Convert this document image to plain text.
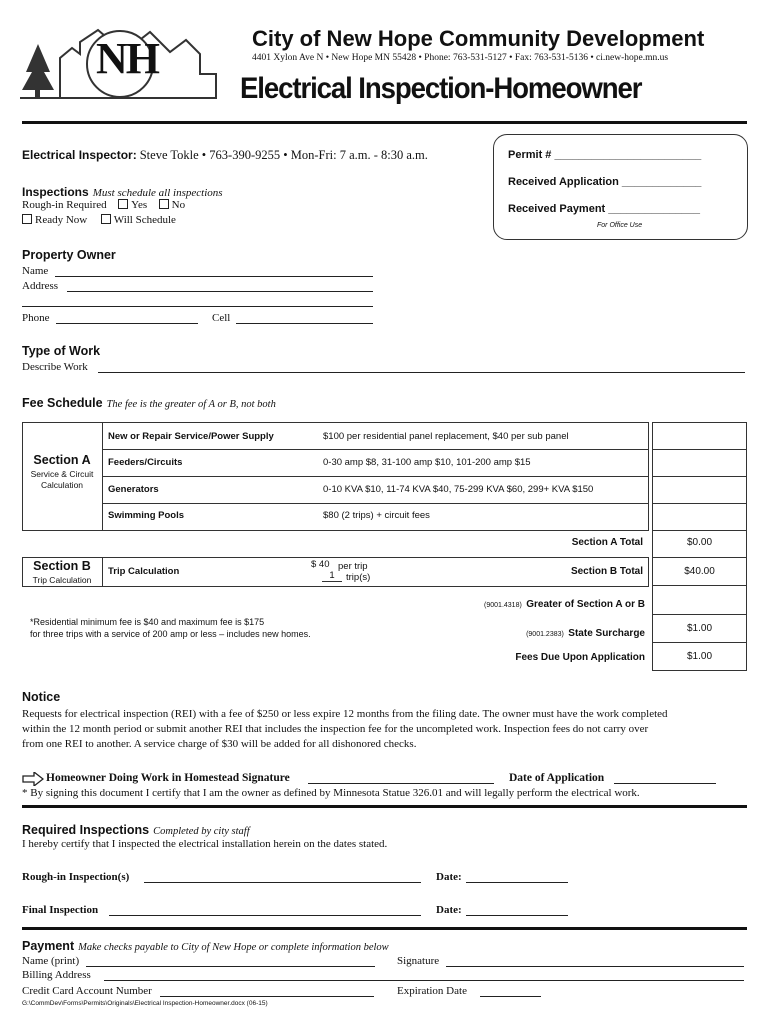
NH	City of New Hope Community Development
4401 Xylon Ave N • New Hope MN 55428 • Phone: 763-531-5127 • Fax: 763-531-5136 • ci.new-hope.mn.us
Electrical Inspection-Homeowner
Electrical Inspector: Steve Tokle • 763-390-9255 • Mon-Fri: 7 a.m. - 8:30 a.m.	Permit # ________________________
Received Application _____________
Received Payment _______________
For Office Use
Inspections Must schedule all inspections
Rough-in Required Yes No
Ready Now Will Schedule
Property Owner
Name
Address
Phone	Cell
Type of Work
Describe Work
Fee Schedule The fee is the greater of A or B, not both
Section A
Service & Circuit Calculation
New or Repair Service/Power Supply	$100 per residential panel replacement, $40 per sub panel
Feeders/Circuits	0-30 amp $8, 31-100 amp $10, 101-200 amp $15
Generators	0-10 KVA $10, 11-74 KVA $40, 75-299 KVA $60, 299+ KVA $150
Swimming Pools	$80 (2 trips) + circuit fees
Section A Total	$0.00
Section B
Trip Calculation
Trip Calculation
$ 40 per trip
1	trip(s)
Section B Total	$40.00
(9001.4318) Greater of Section A or B
*Residential minimum fee is $40 and maximum fee is $175
for three trips with a service of 200 amp or less – includes new homes.	(9001.2383) State Surcharge	$1.00
Fees Due Upon Application	$1.00
Notice
Requests for electrical inspection (REI) with a fee of $250 or less expire 12 months from the filing date. The owner must have the work completed
within the 12 month period or submit another REI that includes the inspection fee for the uncompleted work. Inspection fees do not carry over
from one REI to another. A service charge of $30 will be added for all dishonored checks.
Homeowner Doing Work in Homestead Signature	Date of Application
* By signing this document I certify that I am the owner as defined by Minnesota Statue 326.01 and will legally perform the electrical work.
Required Inspections Completed by city staff
I hereby certify that I inspected the electrical installation herein on the dates stated.
Rough-in Inspection(s)	Date:
Final Inspection	Date:
Payment Make checks payable to City of New Hope or complete information below
Name (print)	Signature
Billing Address
Credit Card Account Number	Expiration Date
G:\CommDev\Forms\Permits\Originals\Electrical Inspection-Homeowner.docx (06-15)
